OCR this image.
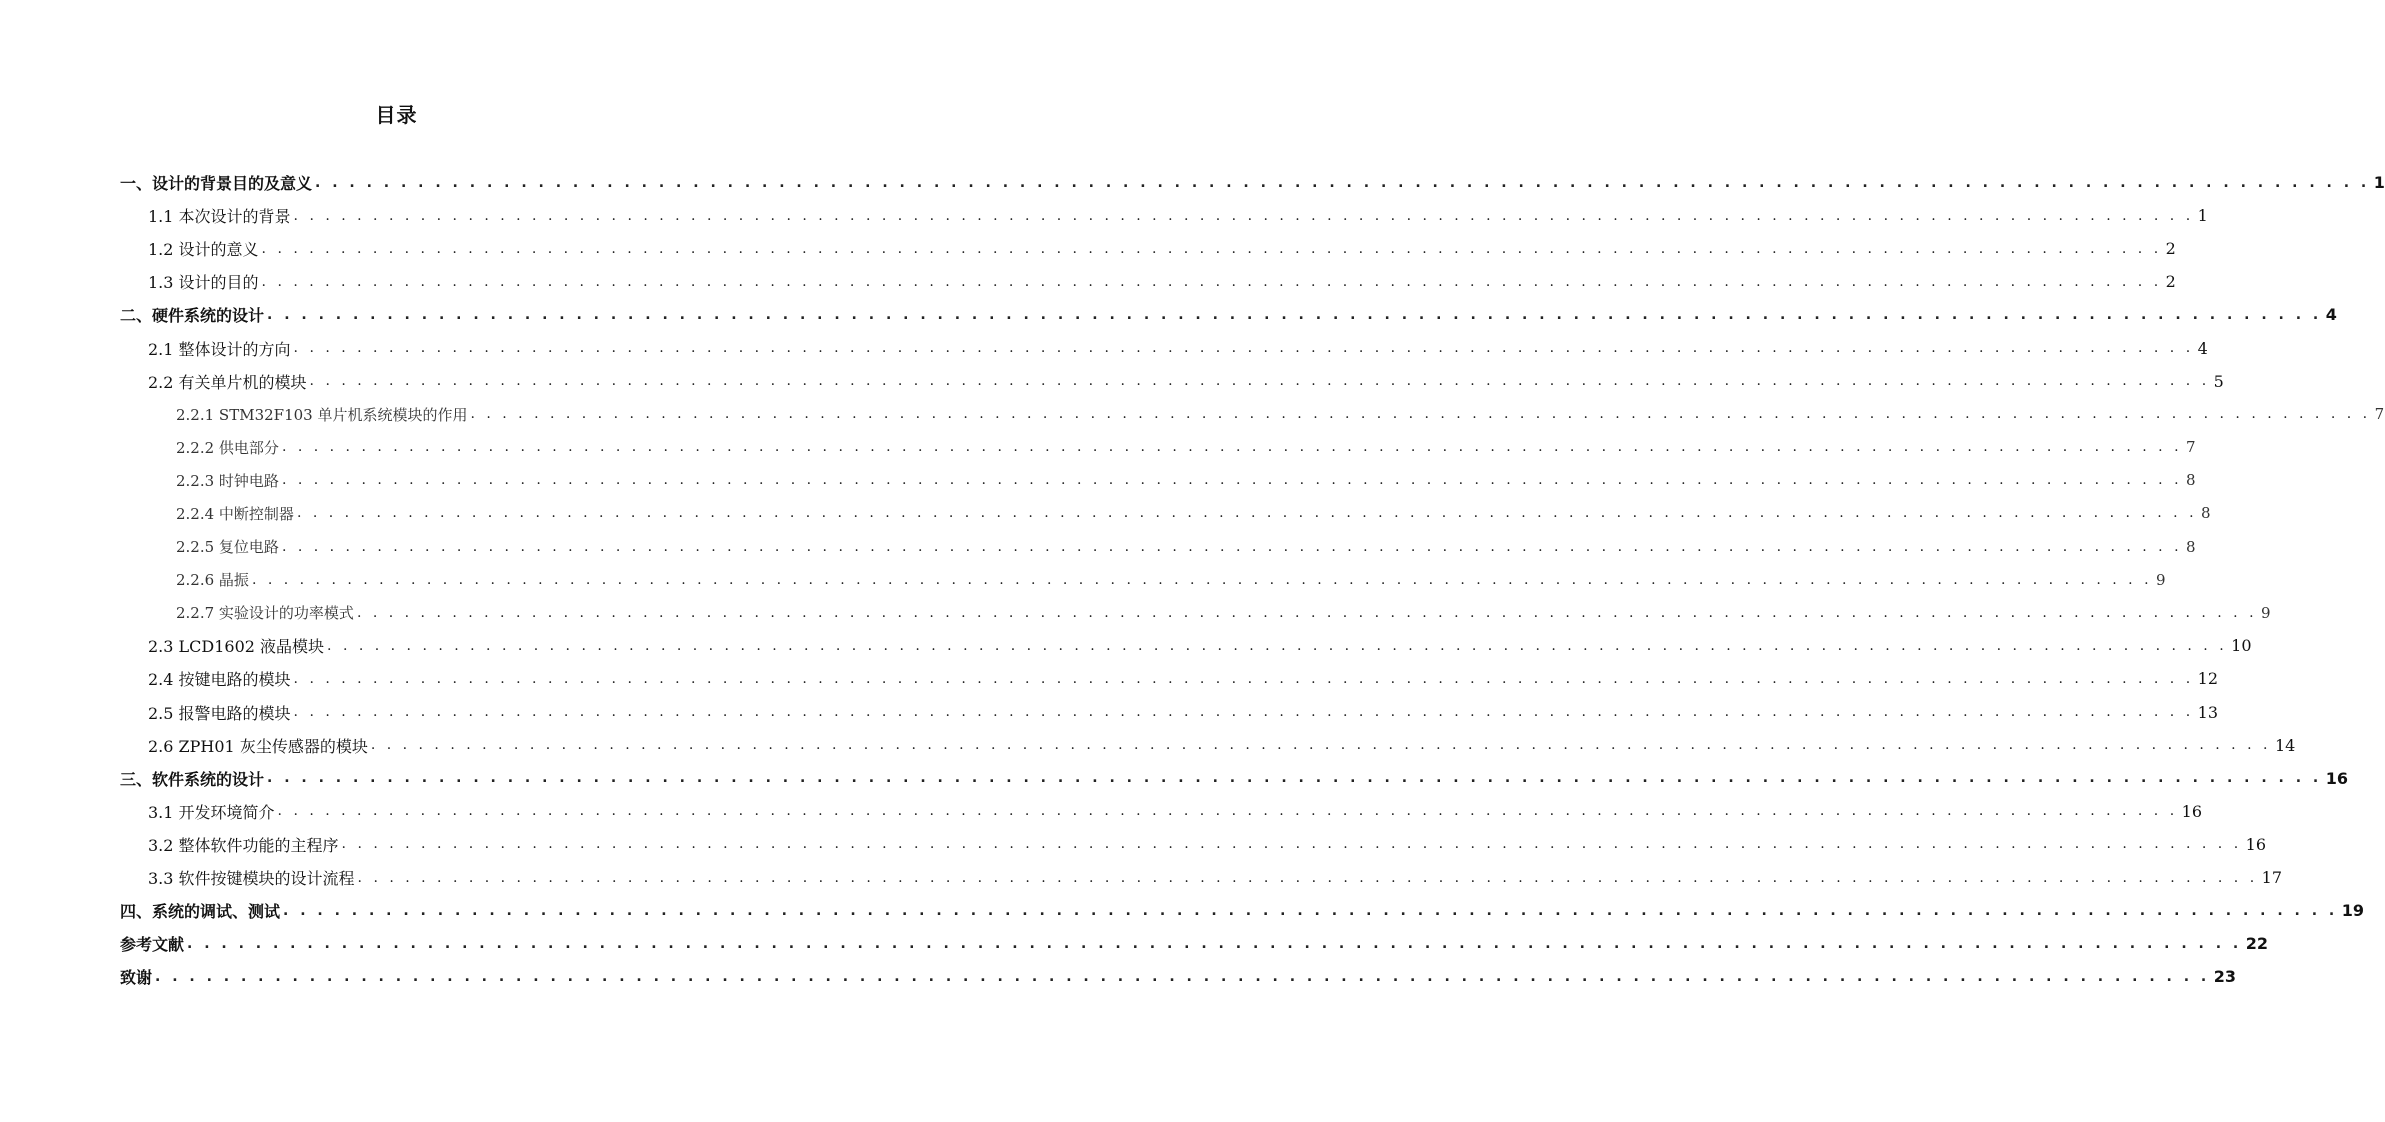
目录
一、设计的背景目的及意义 . . . . . . . . . . . . . . . . . . . . . . . . . . . . . . . . . . . . . . . . . . . . . . . . . . . . . . . . . . . . . . . . . . . . . . . . . . . . . . . . . . . . . . . . . . . . . . . . . . . . . . . . . . . . . . . . . . . . . . . . 1
1.1 本次设计的背景 . . . . . . . . . . . . . . . . . . . . . . . . . . . . . . . . . . . . . . . . . . . . . . . . . . . . . . . . . . . . . . . . . . . . . . . . . . . . . . . . . . . . . . . . . . . . . . . . . . . . . . . . . . . . . . . . . . . . . . . . 1
1.2 设计的意义 . . . . . . . . . . . . . . . . . . . . . . . . . . . . . . . . . . . . . . . . . . . . . . . . . . . . . . . . . . . . . . . . . . . . . . . . . . . . . . . . . . . . . . . . . . . . . . . . . . . . . . . . . . . . . . . . . . . . . . . . 2
1.3 设计的目的 . . . . . . . . . . . . . . . . . . . . . . . . . . . . . . . . . . . . . . . . . . . . . . . . . . . . . . . . . . . . . . . . . . . . . . . . . . . . . . . . . . . . . . . . . . . . . . . . . . . . . . . . . . . . . . . . . . . . . . . . 2
二、硬件系统的设计 . . . . . . . . . . . . . . . . . . . . . . . . . . . . . . . . . . . . . . . . . . . . . . . . . . . . . . . . . . . . . . . . . . . . . . . . . . . . . . . . . . . . . . . . . . . . . . . . . . . . . . . . . . . . . . . . . . . . . . . . 4
2.1 整体设计的方向 . . . . . . . . . . . . . . . . . . . . . . . . . . . . . . . . . . . . . . . . . . . . . . . . . . . . . . . . . . . . . . . . . . . . . . . . . . . . . . . . . . . . . . . . . . . . . . . . . . . . . . . . . . . . . . . . . . . . . . . . 4
2.2 有关单片机的模块 . . . . . . . . . . . . . . . . . . . . . . . . . . . . . . . . . . . . . . . . . . . . . . . . . . . . . . . . . . . . . . . . . . . . . . . . . . . . . . . . . . . . . . . . . . . . . . . . . . . . . . . . . . . . . . . . . . . . . . . . 5
2.2.1 STM32F103 单片机系统模块的作用 . . . . . . . . . . . . . . . . . . . . . . . . . . . . . . . . . . . . . . . . . . . . . . . . . . . . . . . . . . . . . . . . . . . . . . . . . . . . . . . . . . . . . . . . . . . . . . . . . . . . . . . . . . . . . . . . . . . . . . . . 7
2.2.2 供电部分 . . . . . . . . . . . . . . . . . . . . . . . . . . . . . . . . . . . . . . . . . . . . . . . . . . . . . . . . . . . . . . . . . . . . . . . . . . . . . . . . . . . . . . . . . . . . . . . . . . . . . . . . . . . . . . . . . . . . . . . . 7
2.2.3 时钟电路 . . . . . . . . . . . . . . . . . . . . . . . . . . . . . . . . . . . . . . . . . . . . . . . . . . . . . . . . . . . . . . . . . . . . . . . . . . . . . . . . . . . . . . . . . . . . . . . . . . . . . . . . . . . . . . . . . . . . . . . . 8
2.2.4 中断控制器 . . . . . . . . . . . . . . . . . . . . . . . . . . . . . . . . . . . . . . . . . . . . . . . . . . . . . . . . . . . . . . . . . . . . . . . . . . . . . . . . . . . . . . . . . . . . . . . . . . . . . . . . . . . . . . . . . . . . . . . . 8
2.2.5 复位电路 . . . . . . . . . . . . . . . . . . . . . . . . . . . . . . . . . . . . . . . . . . . . . . . . . . . . . . . . . . . . . . . . . . . . . . . . . . . . . . . . . . . . . . . . . . . . . . . . . . . . . . . . . . . . . . . . . . . . . . . . 8
2.2.6 晶振 . . . . . . . . . . . . . . . . . . . . . . . . . . . . . . . . . . . . . . . . . . . . . . . . . . . . . . . . . . . . . . . . . . . . . . . . . . . . . . . . . . . . . . . . . . . . . . . . . . . . . . . . . . . . . . . . . . . . . . . . 9
2.2.7 实验设计的功率模式 . . . . . . . . . . . . . . . . . . . . . . . . . . . . . . . . . . . . . . . . . . . . . . . . . . . . . . . . . . . . . . . . . . . . . . . . . . . . . . . . . . . . . . . . . . . . . . . . . . . . . . . . . . . . . . . . . . . . . . . . 9
2.3 LCD1602 液晶模块 . . . . . . . . . . . . . . . . . . . . . . . . . . . . . . . . . . . . . . . . . . . . . . . . . . . . . . . . . . . . . . . . . . . . . . . . . . . . . . . . . . . . . . . . . . . . . . . . . . . . . . . . . . . . . . . . . . . . . . . . 10
2.4 按键电路的模块 . . . . . . . . . . . . . . . . . . . . . . . . . . . . . . . . . . . . . . . . . . . . . . . . . . . . . . . . . . . . . . . . . . . . . . . . . . . . . . . . . . . . . . . . . . . . . . . . . . . . . . . . . . . . . . . . . . . . . . . . 12
2.5 报警电路的模块 . . . . . . . . . . . . . . . . . . . . . . . . . . . . . . . . . . . . . . . . . . . . . . . . . . . . . . . . . . . . . . . . . . . . . . . . . . . . . . . . . . . . . . . . . . . . . . . . . . . . . . . . . . . . . . . . . . . . . . . . 13
2.6 ZPH01 灰尘传感器的模块 . . . . . . . . . . . . . . . . . . . . . . . . . . . . . . . . . . . . . . . . . . . . . . . . . . . . . . . . . . . . . . . . . . . . . . . . . . . . . . . . . . . . . . . . . . . . . . . . . . . . . . . . . . . . . . . . . . . . . . . . 14
三、软件系统的设计 . . . . . . . . . . . . . . . . . . . . . . . . . . . . . . . . . . . . . . . . . . . . . . . . . . . . . . . . . . . . . . . . . . . . . . . . . . . . . . . . . . . . . . . . . . . . . . . . . . . . . . . . . . . . . . . . . . . . . . . . 16
3.1 开发环境简介 . . . . . . . . . . . . . . . . . . . . . . . . . . . . . . . . . . . . . . . . . . . . . . . . . . . . . . . . . . . . . . . . . . . . . . . . . . . . . . . . . . . . . . . . . . . . . . . . . . . . . . . . . . . . . . . . . . . . . . . . 16
3.2 整体软件功能的主程序 . . . . . . . . . . . . . . . . . . . . . . . . . . . . . . . . . . . . . . . . . . . . . . . . . . . . . . . . . . . . . . . . . . . . . . . . . . . . . . . . . . . . . . . . . . . . . . . . . . . . . . . . . . . . . . . . . . . . . . . . 16
3.3 软件按键模块的设计流程 . . . . . . . . . . . . . . . . . . . . . . . . . . . . . . . . . . . . . . . . . . . . . . . . . . . . . . . . . . . . . . . . . . . . . . . . . . . . . . . . . . . . . . . . . . . . . . . . . . . . . . . . . . . . . . . . . . . . . . . . 17
四、系统的调试、测试 . . . . . . . . . . . . . . . . . . . . . . . . . . . . . . . . . . . . . . . . . . . . . . . . . . . . . . . . . . . . . . . . . . . . . . . . . . . . . . . . . . . . . . . . . . . . . . . . . . . . . . . . . . . . . . . . . . . . . . . . 19
参考文献 . . . . . . . . . . . . . . . . . . . . . . . . . . . . . . . . . . . . . . . . . . . . . . . . . . . . . . . . . . . . . . . . . . . . . . . . . . . . . . . . . . . . . . . . . . . . . . . . . . . . . . . . . . . . . . . . . . . . . . . . 22
致谢 . . . . . . . . . . . . . . . . . . . . . . . . . . . . . . . . . . . . . . . . . . . . . . . . . . . . . . . . . . . . . . . . . . . . . . . . . . . . . . . . . . . . . . . . . . . . . . . . . . . . . . . . . . . . . . . . . . . . . . . . 23
